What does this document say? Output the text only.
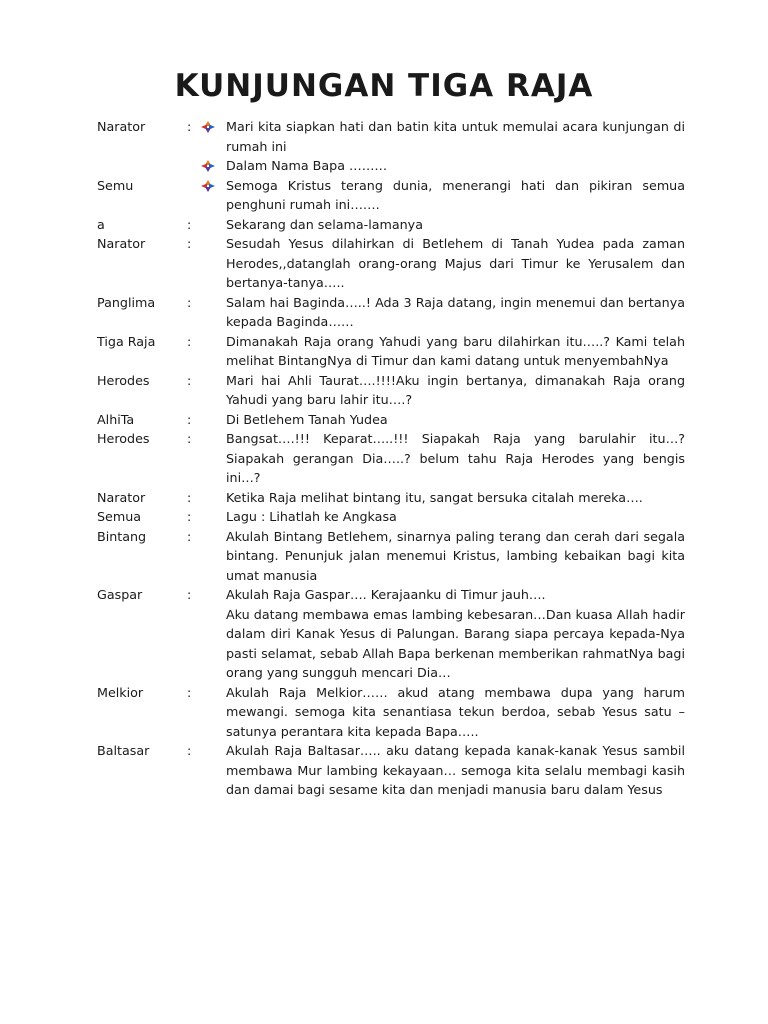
KUNJUNGAN TIGA RAJA
Narator	:	Mari kita siapkan hati dan batin kita untuk memulai acara kunjungan di rumah ini
Dalam Nama Bapa ………
Semu	Semoga Kristus terang dunia, menerangi hati dan pikiran semua penghuni rumah ini…….
a	:	Sekarang dan selama-lamanya
Narator	:	Sesudah Yesus dilahirkan di Betlehem di Tanah Yudea pada zaman Herodes,,datanglah orang-orang Majus dari Timur ke Yerusalem dan bertanya-tanya…..
Panglima	:	Salam hai Baginda…..! Ada 3 Raja datang, ingin menemui dan bertanya kepada Baginda……
Tiga Raja	:	Dimanakah Raja orang Yahudi yang baru dilahirkan itu…..? Kami telah melihat BintangNya di Timur dan kami datang untuk menyembahNya
Herodes	:	Mari hai Ahli Taurat….!!!!Aku ingin bertanya, dimanakah Raja orang Yahudi yang baru lahir itu….?
AlhiTa	:	Di Betlehem Tanah Yudea
Herodes	:	Bangsat….!!! Keparat…..!!! Siapakah Raja yang barulahir itu…? Siapakah gerangan Dia…..? belum tahu Raja Herodes yang bengis ini…?
Narator	:	Ketika Raja melihat bintang itu, sangat bersuka citalah mereka….
Semua	:	Lagu : Lihatlah ke Angkasa
Bintang	:	Akulah Bintang Betlehem, sinarnya paling terang dan cerah dari segala bintang. Penunjuk jalan menemui Kristus, lambing kebaikan bagi kita umat manusia
Gaspar	:	Akulah Raja Gaspar…. Kerajaanku di Timur jauh….
Aku datang membawa emas lambing kebesaran…Dan kuasa Allah hadir dalam diri Kanak Yesus di Palungan. Barang siapa percaya kepada-Nya pasti selamat, sebab Allah Bapa berkenan memberikan rahmatNya bagi orang yang sungguh mencari Dia…
Melkior	:	Akulah Raja Melkior…… akud atang membawa dupa yang harum mewangi. semoga kita senantiasa tekun berdoa, sebab Yesus satu – satunya perantara kita kepada Bapa…..
Baltasar	:	Akulah Raja Baltasar….. aku datang kepada kanak-kanak Yesus sambil membawa Mur lambing kekayaan… semoga kita selalu membagi kasih dan damai bagi sesame kita dan menjadi manusia baru dalam Yesus
